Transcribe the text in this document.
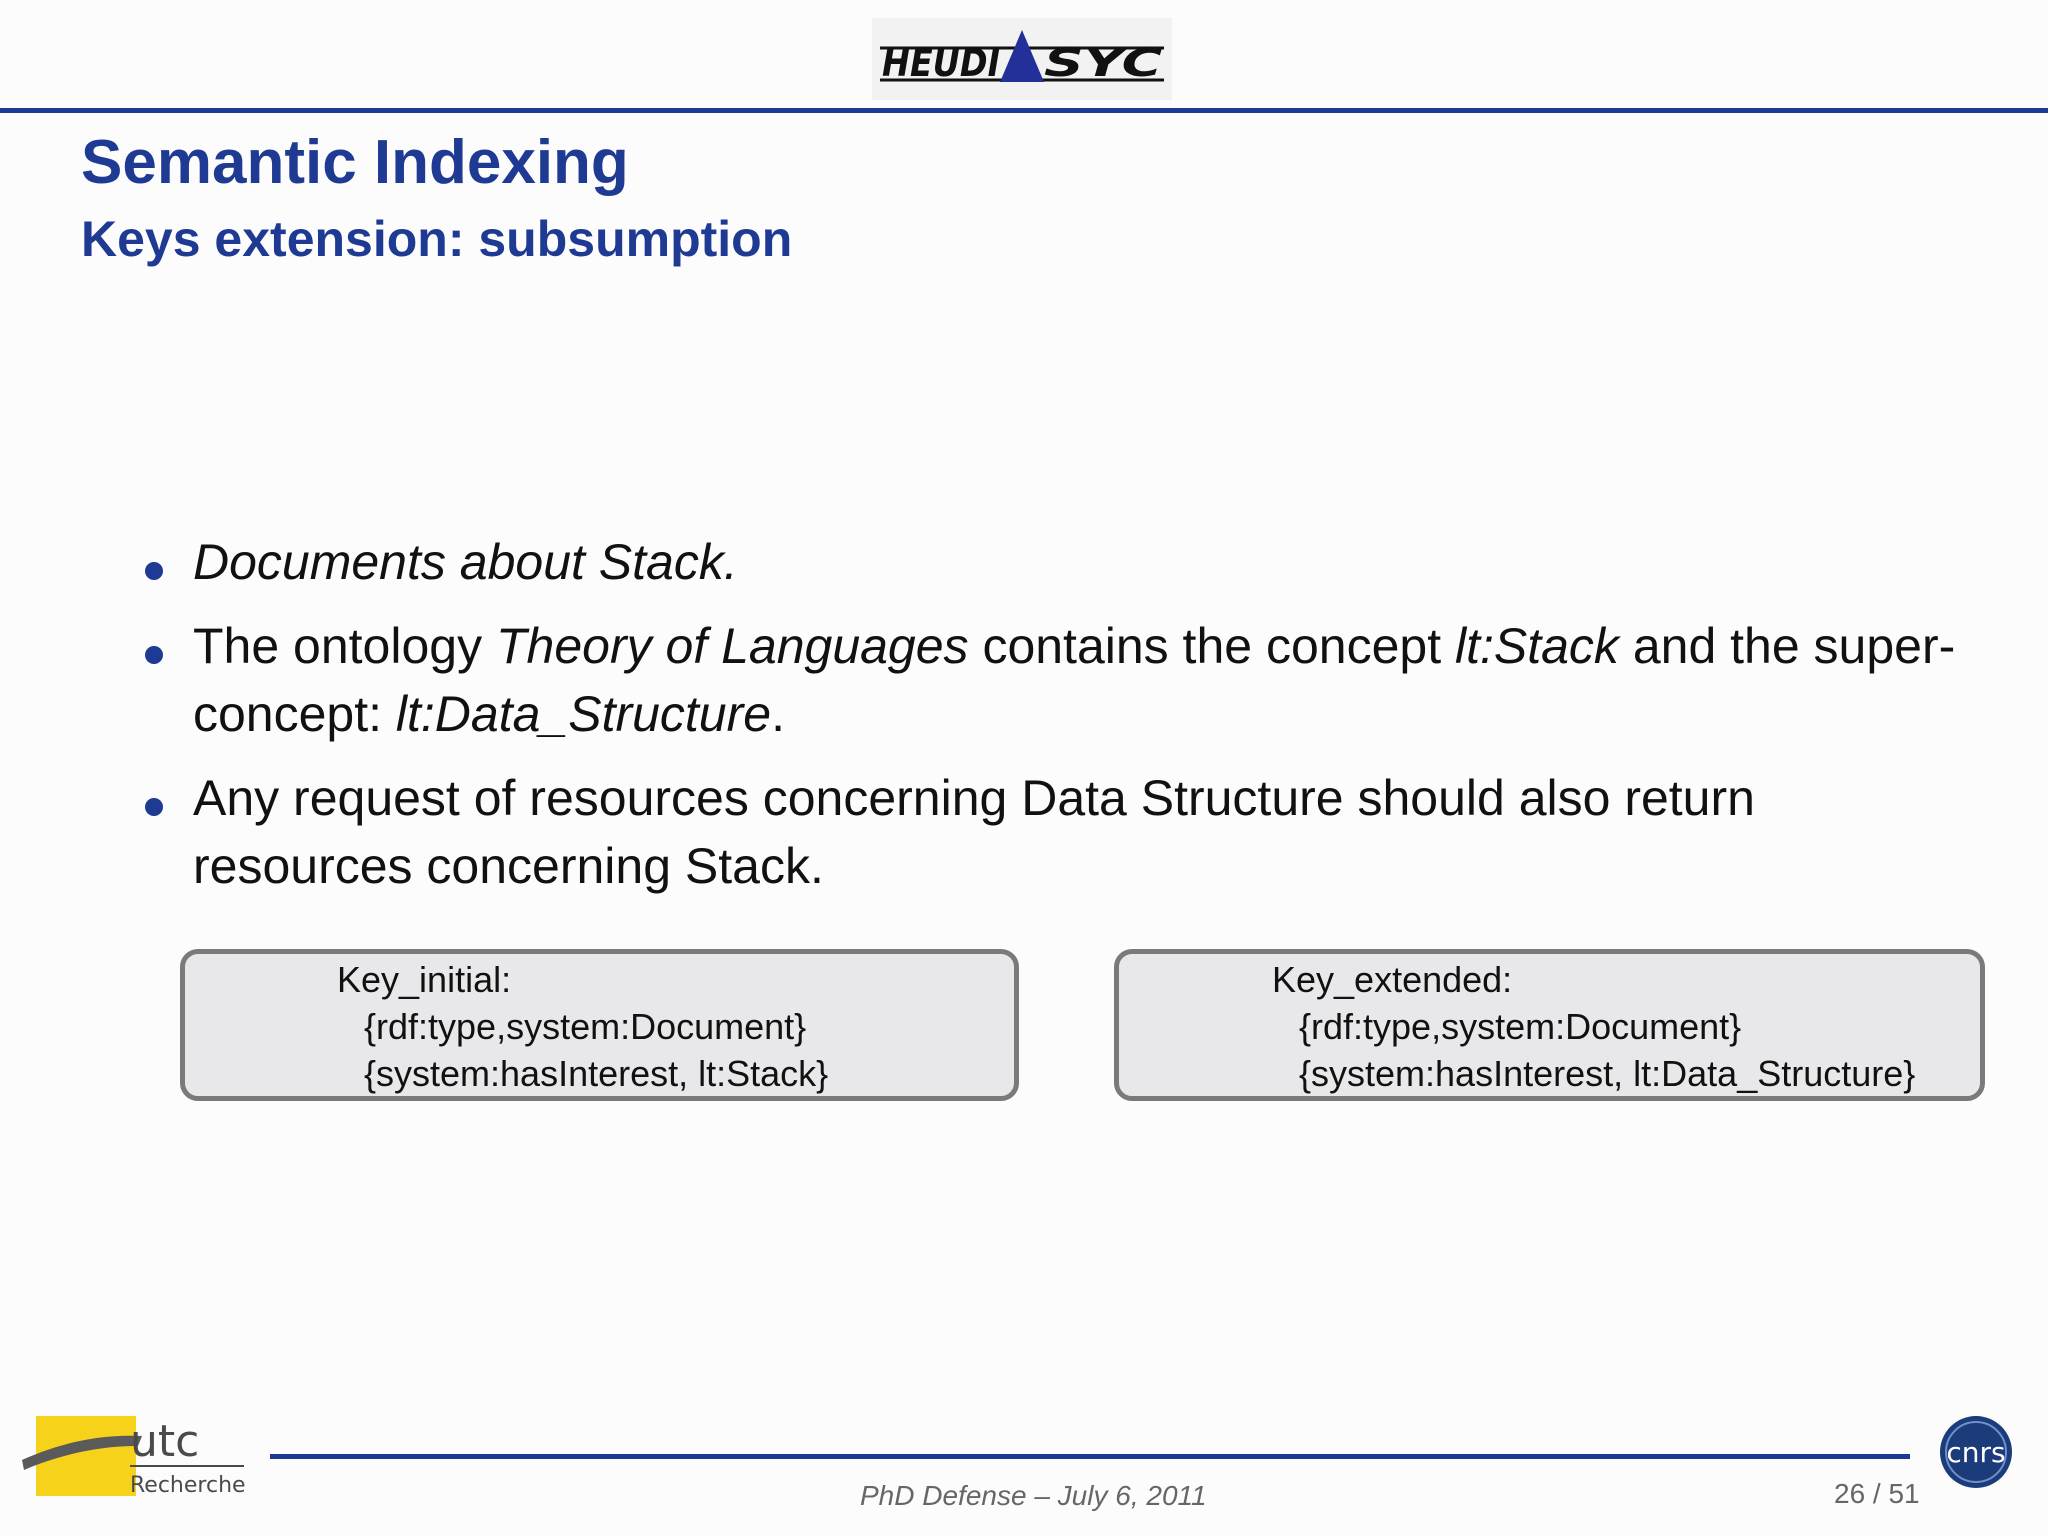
HEUDI SYC
Semantic Indexing
Keys extension: subsumption
Documents about Stack.
The ontology Theory of Languages contains the concept lt:Stack and the super-concept: lt:Data_Structure.
Any request of resources concerning Data Structure should also return resources concerning Stack.
Key_initial:
{rdf:type,system:Document}
{system:hasInterest, lt:Stack}
Key_extended:
{rdf:type,system:Document}
{system:hasInterest, lt:Data_Structure}
utc
Recherche	PhD Defense – July 6, 2011	26 / 51
cnrs
